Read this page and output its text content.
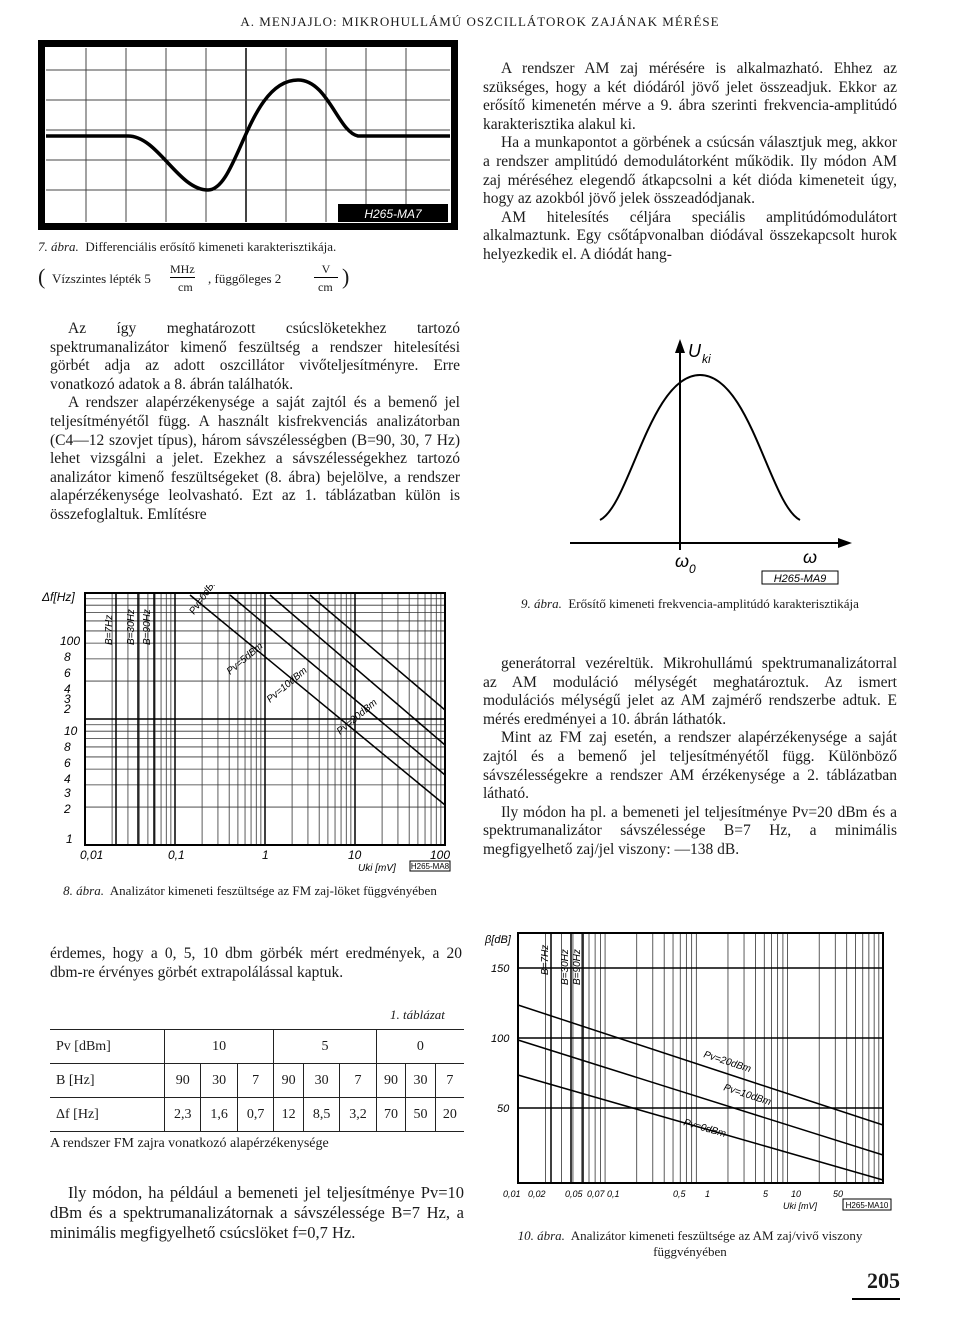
A. MENJAJLO: MIKROHULLÁMÚ OSZCILLÁTOROK ZAJÁNAK MÉRÉSE
H265-MA7
7. ábra. Differenciális erősítő kimeneti karakterisztikája.
( Vízszintes lépték 5
MHz
cm
, függőleges 2
V
cm )

A rendszer AM zaj mérésére is alkalmazható. Ehhez az szükséges, hogy a két diódáról jövő jelet összeadjuk. Ekkor az erősítő kimenetén mérve a 9. ábra szerinti frekvencia-amplitúdó karakterisztika alakul ki.

Ha a munkapontot a görbének a csúcsán választjuk meg, akkor a rendszer amplitúdó demodulátorként működik. Ily módon AM zaj méréséhez elegendő átkapcsolni a két dióda kimeneteit úgy, hogy az azokból jövő jelek összeadódjanak.

AM hitelesítés céljára speciális amplitúdómodulátort alkalmaztunk. Egy csőtápvonalban diódával összekapcsolt hurok helyezkedik el. A diódát hang-

Az így meghatározott csúcslöketekhez tartozó spektrumanalizátor kimenő feszültség a rendszer hitelesítési görbét adja az adott oszcillátor vivőteljesítményre. Erre vonatkozó adatok a 8. ábrán találhatók.

A rendszer alapérzékenysége a saját zajtól és a bemenő jel teljesítményétől függ. A használt kisfrekvenciás analizátorban (C4—12 szovjet típus), három sávszélességben (B=90, 30, 7 Hz) lehet vizsgálni a jelet. Ezekhez a sávszélességekhez tartozó analizátor kimenő feszültségeket (8. ábra) bejelölve, a rendszer alapérzékenysége leolvasható. Ezt az 1. táblázatban külön is összefoglaltuk. Említésre

U ki
ω 0
ω
H265-MA9
9. ábra. Erősítő kimeneti frekvencia-amplitúdó karakterisztikája
Δf[Hz]
100
8
6
4
3
2
10
8
6
4
3
2
1
0,01	0,1	1	10	100
Uki [mV]
B=7Hz B=30Hz B=90Hz
Pv=0dBm
Pv=5dBm
Pv=10dBm
Pv=20dBm
H265-MA8
8. ábra. Analizátor kimeneti feszültsége az FM zaj-löket függvényében

generátorral vezéreltük. Mikrohullámú spektrumanalizátorral az AM moduláció mélységét meghatároztuk. Az ismert modulációs mélységű jelet az AM zajmérő rendszerbe adtuk. E mérés eredményei a 10. ábrán láthatók.

Mint az FM zaj esetén, a rendszer alapérzékenysége a saját zajtól és a bemenő jel teljesítményétől függ. Különböző sávszélességekre a rendszer AM érzékenysége a 2. táblázatban látható.

Ily módon ha pl. a bemeneti jel teljesítménye Pv=20 dBm és a spektrumanalizátor sávszélessége B=7 Hz, a minimális megfigyelhető zaj/jel viszony: —138 dB.

érdemes, hogy a 0, 5, 10 dbm görbék mért eredmények, a 20 dbm-re érvényes görbét extrapolálással kaptuk.

1. táblázat
Pv [dBm]	10			5			0		
B [Hz]	90	30	7	90	30	7	90	30	7
Δf [Hz]	2,3	1,6	0,7	12	8,5	3,2	70	50	20
A rendszer FM zajra vonatkozó alapérzékenysége

Ily módon, ha például a bemeneti jel teljesítménye Pv=10 dBm és a spektrumanalizátornak a sávszélessége B=7 Hz, a minimális megfigyelhető csúcslöket f=0,7 Hz.

β[dB]
150
100
50
0,01 0,02 0,05 0,07 0,1	0,5 1	5	10	50
Uki [mV]
B=7Hz B=30Hz B=90Hz
Pv=20dBm
Pv=10dBm
Pv=0dBm
H265-MA10
10. ábra. Analizátor kimeneti feszültsége az AM zaj/vivő viszony függvényében
205
